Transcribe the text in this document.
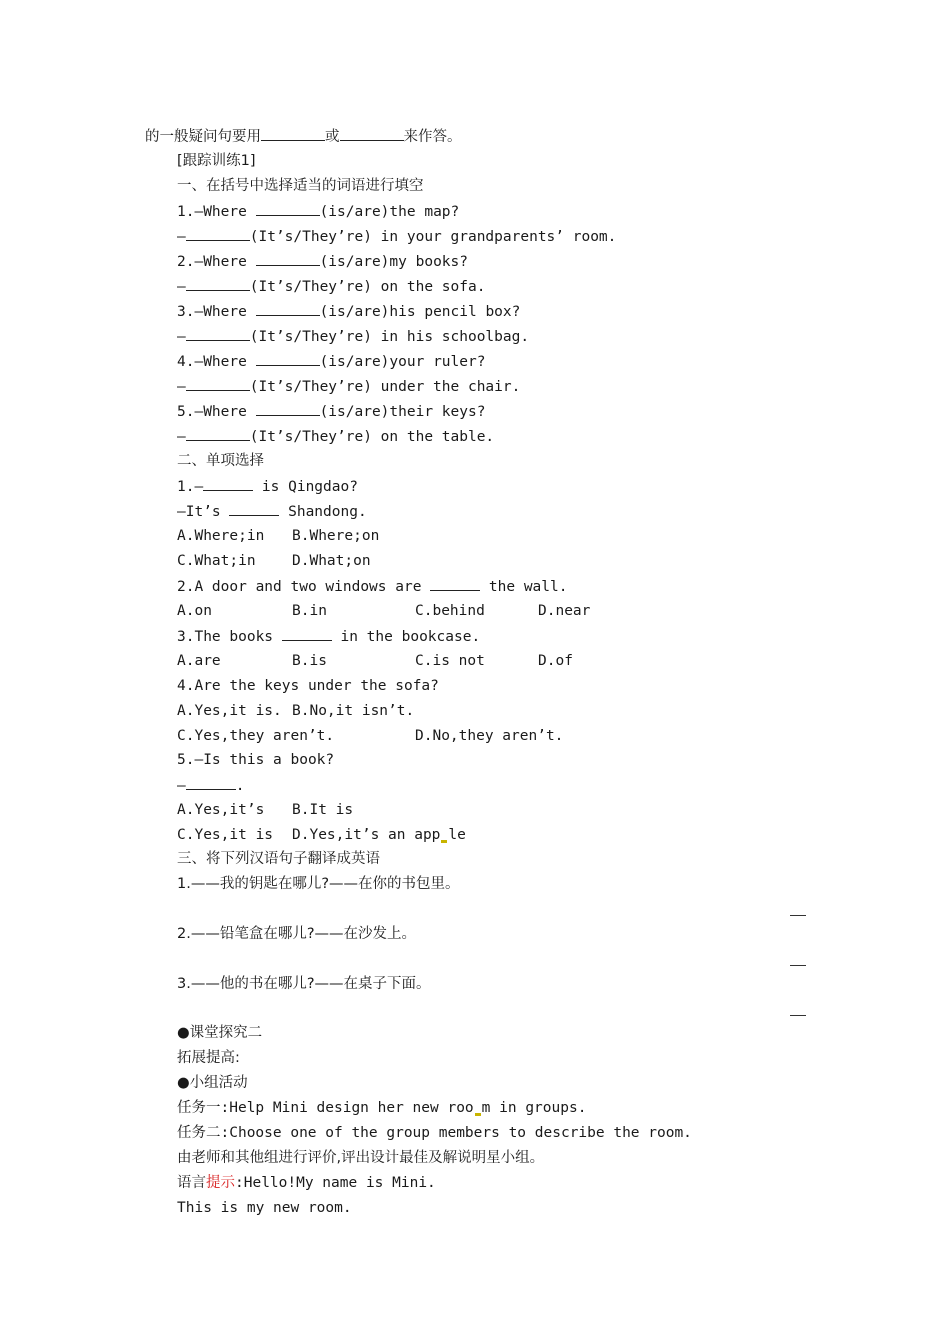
的一般疑问句要用	或	来作答。
[跟踪训练1]
一、在括号中选择适当的词语进行填空
1.—Where	(is/are)the map?
—	(It’s/They’re) in your grandparents’ room.
2.—Where	(is/are)my books?
—	(It’s/They’re) on the sofa.
3.—Where	(is/are)his pencil box?
—	(It’s/They’re) in his schoolbag.
4.—Where	(is/are)your ruler?
—	(It’s/They’re) under the chair.
5.—Where	(is/are)their keys?
—	(It’s/They’re) on the table.
二、单项选择
1.—	is Qingdao?
—It’s	Shandong.
A.Where;in B.Where;on
C.What;in	D.What;on
2.A door and two windows are	the wall.
A.on	B.in	C.behind	D.near
3.The books	in the bookcase.
A.are	B.is	C.is not	D.of
4.Are the keys under the sofa?
A.Yes,it is. B.No,it isn’t.
C.Yes,they aren’t.	D.No,they aren’t.
5.—Is this a book?
—	.
A.Yes,it’s B.It is
C.Yes,it is D.Yes,it’s an app le
三、将下列汉语句子翻译成英语
1.——我的钥匙在哪儿?——在你的书包里。
2.——铅笔盒在哪儿?——在沙发上。
3.——他的书在哪儿?——在桌子下面。
●课堂探究二
拓展提高:
●小组活动
任务一:Help Mini design her new roo m in groups.
任务二:Choose one of the group members to describe the room.
由老师和其他组进行评价,评出设计最佳及解说明星小组。
语言提示:Hello!My name is Mini.
This is my new room.
